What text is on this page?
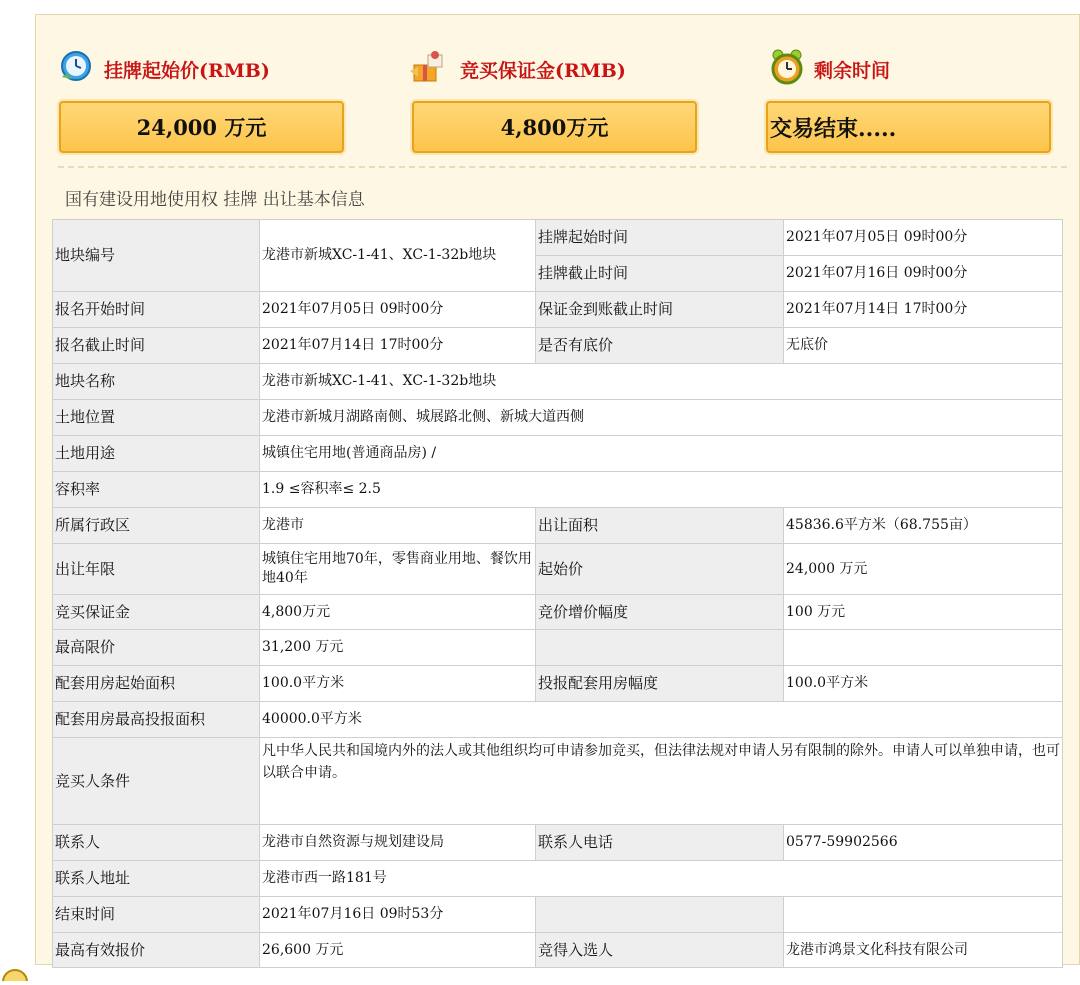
挂牌起始价(RMB)	竞买保证金(RMB)	剩余时间
24,000 万元	4,800万元	交易结束.....
国有建设用地使用权 挂牌 出让基本信息
地块编号	龙港市新城XC-1-41、XC-1-32b地块	挂牌起始时间	2021年07月05日 09时00分
		挂牌截止时间	2021年07月16日 09时00分
报名开始时间	2021年07月05日 09时00分	保证金到账截止时间	2021年07月14日 17时00分
报名截止时间	2021年07月14日 17时00分	是否有底价	无底价
地块名称	龙港市新城XC-1-41、XC-1-32b地块		
土地位置	龙港市新城月湖路南侧、城展路北侧、新城大道西侧		
土地用途	城镇住宅用地(普通商品房) /		
容积率	1.9 ≤容积率≤ 2.5		
所属行政区	龙港市	出让面积	45836.6平方米（68.755亩）
出让年限	城镇住宅用地70年，零售商业用地、餐饮用地40年	起始价	24,000 万元
竞买保证金	4,800万元	竞价增价幅度	100 万元
最高限价	31,200 万元		
配套用房起始面积	100.0平方米	投报配套用房幅度	100.0平方米
配套用房最高投报面积	40000.0平方米		
竞买人条件	凡中华人民共和国境内外的法人或其他组织均可申请参加竞买，但法律法规对申请人另有限制的除外。申请人可以单独申请，也可以联合申请。		
联系人	龙港市自然资源与规划建设局	联系人电话	0577-59902566
联系人地址	龙港市西一路181号		
结束时间	2021年07月16日 09时53分		
最高有效报价	26,600 万元	竞得入选人	龙港市鸿景文化科技有限公司
